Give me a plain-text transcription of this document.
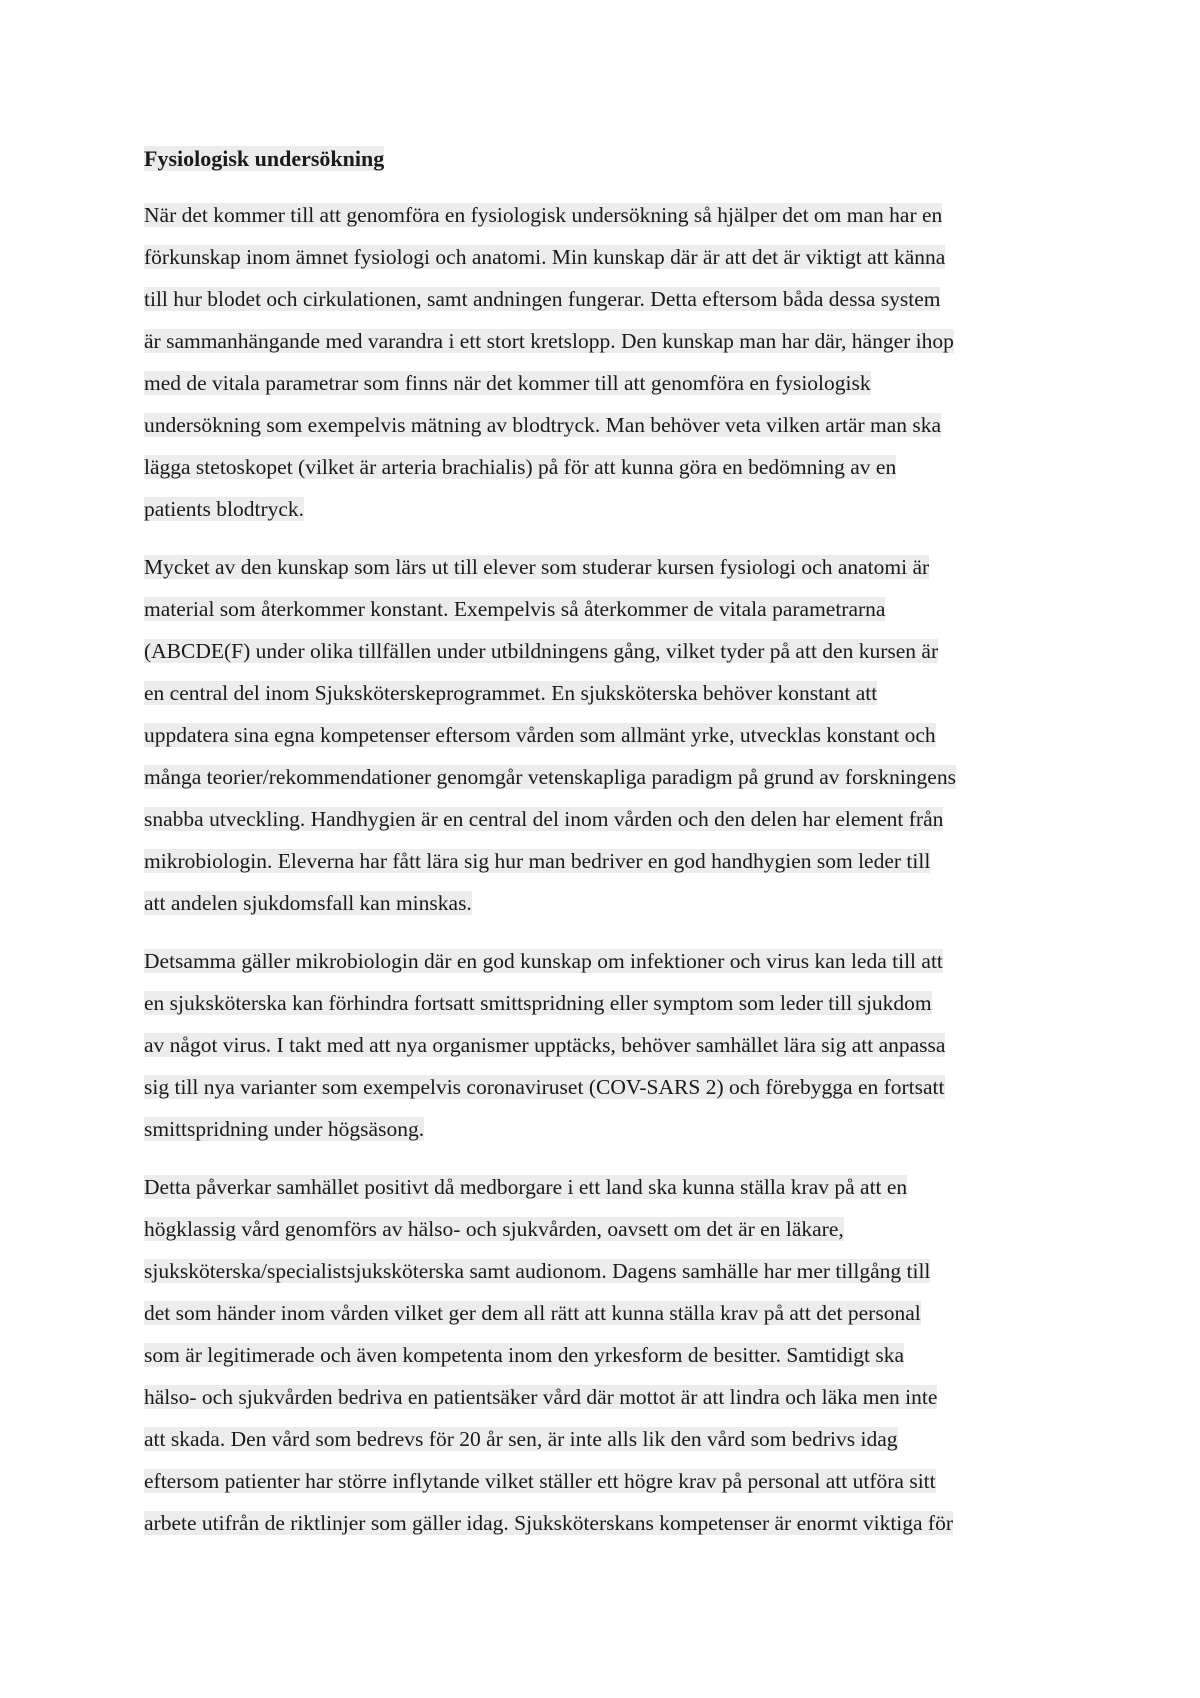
Fysiologisk undersökning
När det kommer till att genomföra en fysiologisk undersökning så hjälper det om man har en
förkunskap inom ämnet fysiologi och anatomi. Min kunskap där är att det är viktigt att känna
till hur blodet och cirkulationen, samt andningen fungerar. Detta eftersom båda dessa system
är sammanhängande med varandra i ett stort kretslopp. Den kunskap man har där, hänger ihop
med de vitala parametrar som finns när det kommer till att genomföra en fysiologisk
undersökning som exempelvis mätning av blodtryck. Man behöver veta vilken artär man ska
lägga stetoskopet (vilket är arteria brachialis) på för att kunna göra en bedömning av en
patients blodtryck.
Mycket av den kunskap som lärs ut till elever som studerar kursen fysiologi och anatomi är
material som återkommer konstant. Exempelvis så återkommer de vitala parametrarna
(ABCDE(F) under olika tillfällen under utbildningens gång, vilket tyder på att den kursen är
en central del inom Sjuksköterskeprogrammet. En sjuksköterska behöver konstant att
uppdatera sina egna kompetenser eftersom vården som allmänt yrke, utvecklas konstant och
många teorier/rekommendationer genomgår vetenskapliga paradigm på grund av forskningens
snabba utveckling. Handhygien är en central del inom vården och den delen har element från
mikrobiologin. Eleverna har fått lära sig hur man bedriver en god handhygien som leder till
att andelen sjukdomsfall kan minskas.
Detsamma gäller mikrobiologin där en god kunskap om infektioner och virus kan leda till att
en sjuksköterska kan förhindra fortsatt smittspridning eller symptom som leder till sjukdom
av något virus. I takt med att nya organismer upptäcks, behöver samhället lära sig att anpassa
sig till nya varianter som exempelvis coronaviruset (COV-SARS 2) och förebygga en fortsatt
smittspridning under högsäsong.
Detta påverkar samhället positivt då medborgare i ett land ska kunna ställa krav på att en
högklassig vård genomförs av hälso- och sjukvården, oavsett om det är en läkare,
sjuksköterska/specialistsjuksköterska samt audionom. Dagens samhälle har mer tillgång till
det som händer inom vården vilket ger dem all rätt att kunna ställa krav på att det personal
som är legitimerade och även kompetenta inom den yrkesform de besitter. Samtidigt ska
hälso- och sjukvården bedriva en patientsäker vård där mottot är att lindra och läka men inte
att skada. Den vård som bedrevs för 20 år sen, är inte alls lik den vård som bedrivs idag
eftersom patienter har större inflytande vilket ställer ett högre krav på personal att utföra sitt
arbete utifrån de riktlinjer som gäller idag. Sjuksköterskans kompetenser är enormt viktiga för
